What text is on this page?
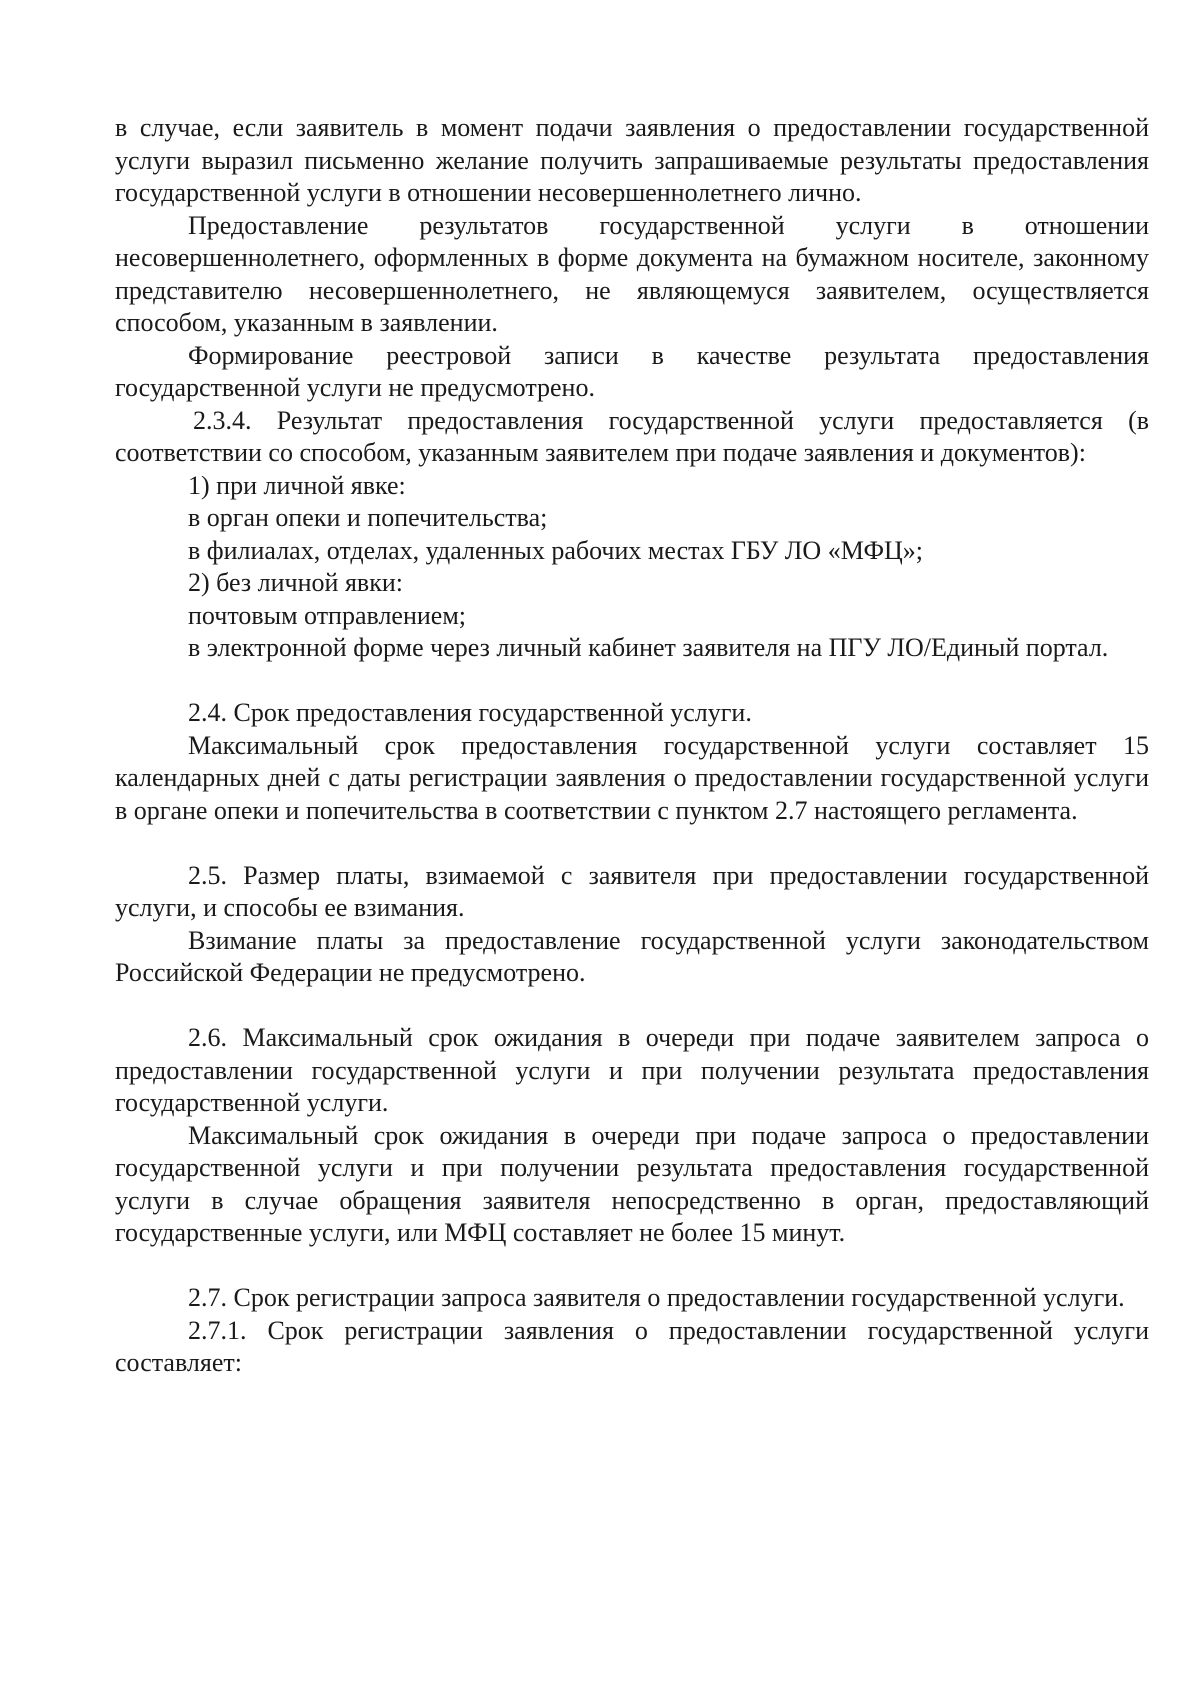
в случае, если заявитель в момент подачи заявления о предоставлении государственной услуги выразил письменно желание получить запрашиваемые результаты предоставления государственной услуги в отношении несовершеннолетнего лично.

Предоставление результатов государственной услуги в отношении несовершеннолетнего, оформленных в форме документа на бумажном носителе, законному представителю несовершеннолетнего, не являющемуся заявителем, осуществляется способом, указанным в заявлении.

Формирование реестровой записи в качестве результата предоставления государственной услуги не предусмотрено.

2.3.4. Результат предоставления государственной услуги предоставляется (в соответствии со способом, указанным заявителем при подаче заявления и документов):

1) при личной явке:

в орган опеки и попечительства;

в филиалах, отделах, удаленных рабочих местах ГБУ ЛО «МФЦ»;

2) без личной явки:

почтовым отправлением;

в электронной форме через личный кабинет заявителя на ПГУ ЛО/Единый портал.

2.4. Срок предоставления государственной услуги.

Максимальный срок предоставления государственной услуги составляет 15 календарных дней с даты регистрации заявления о предоставлении государственной услуги в органе опеки и попечительства в соответствии с пунктом 2.7 настоящего регламента.

2.5. Размер платы, взимаемой с заявителя при предоставлении государственной услуги, и способы ее взимания.

Взимание платы за предоставление государственной услуги законодательством Российской Федерации не предусмотрено.

2.6. Максимальный срок ожидания в очереди при подаче заявителем запроса о предоставлении государственной услуги и при получении результата предоставления государственной услуги.

Максимальный срок ожидания в очереди при подаче запроса о предоставлении государственной услуги и при получении результата предоставления государственной услуги в случае обращения заявителя непосредственно в орган, предоставляющий государственные услуги, или МФЦ составляет не более 15 минут.

2.7. Срок регистрации запроса заявителя о предоставлении государственной услуги.

2.7.1. Срок регистрации заявления о предоставлении государственной услуги составляет:
